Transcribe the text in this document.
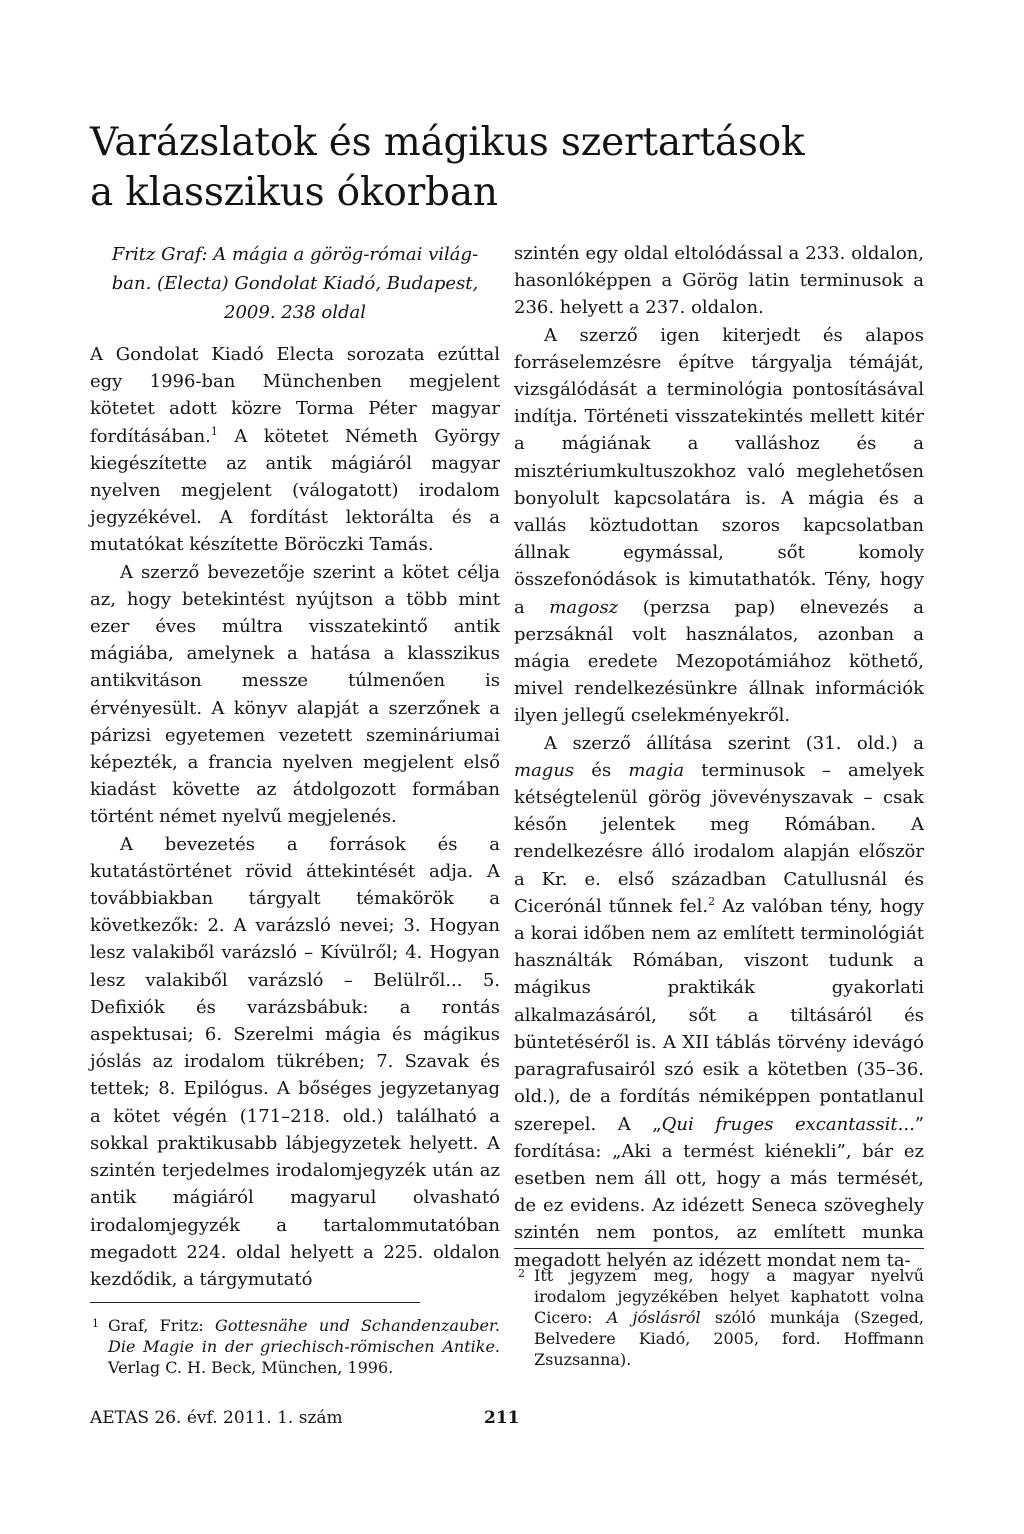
Varázslatok és mágikus szertartások
a klasszikus ókorban
Fritz Graf: A mágia a görög-római világ-
ban. (Electa) Gondolat Kiadó, Budapest,
2009. 238 oldal

A Gondolat Kiadó Electa sorozata ezúttal egy 1996-ban Münchenben megjelent kötetet adott közre Torma Péter magyar fordításában.$^1$ A kötetet Németh György kiegészítette az antik mágiáról magyar nyelven megjelent (válogatott) irodalom jegyzékével. A fordítást lektorálta és a mutatókat készítette Böröczki Tamás.

A szerző bevezetője szerint a kötet célja az, hogy betekintést nyújtson a több mint ezer éves múltra visszatekintő antik mágiába, amelynek a hatása a klasszikus antikvitáson messze túlmenően is érvényesült. A könyv alapját a szerzőnek a párizsi egyetemen vezetett szemináriumai képezték, a francia nyelven megjelent első kiadást követte az átdolgozott formában történt német nyelvű megjelenés.

A bevezetés a források és a kutatástörténet rövid áttekintését adja. A továbbiakban tárgyalt témakörök a következők: 2. A varázsló nevei; 3. Hogyan lesz valakiből varázsló – Kívülről; 4. Hogyan lesz valakiből varázsló – Belülről... 5. Defixiók és varázsbábuk: a rontás aspektusai; 6. Szerelmi mágia és mágikus jóslás az irodalom tükrében; 7. Szavak és tettek; 8. Epilógus. A bőséges jegyzetanyag a kötet végén (171–218. old.) található a sokkal praktikusabb lábjegyzetek helyett. A szintén terjedelmes irodalomjegyzék után az antik mágiáról magyarul olvasható irodalomjegyzék a tartalommutatóban megadott 224. oldal helyett a 225. oldalon kezdődik, a tárgymutató

szintén egy oldal eltolódással a 233. oldalon, hasonlóképpen a Görög latin terminusok a 236. helyett a 237. oldalon.

A szerző igen kiterjedt és alapos forráselemzésre építve tárgyalja témáját, vizsgálódását a terminológia pontosításával indítja. Történeti visszatekintés mellett kitér a mágiának a valláshoz és a misztériumkultuszokhoz való meglehetősen bonyolult kapcsolatára is. A mágia és a vallás köztudottan szoros kapcsolatban állnak egymással, sőt komoly összefonódások is kimutathatók. Tény, hogy a magosz (perzsa pap) elnevezés a perzsáknál volt használatos, azonban a mágia eredete Mezopotámiához köthető, mivel rendelkezésünkre állnak információk ilyen jellegű cselekményekről.

A szerző állítása szerint (31. old.) a magus és magia terminusok – amelyek kétségtelenül görög jövevényszavak – csak későn jelentek meg Rómában. A rendelkezésre álló irodalom alapján először a Kr. e. első században Catullusnál és Cicerónál tűnnek fel.$^2$ Az valóban tény, hogy a korai időben nem az említett terminológiát használták Rómában, viszont tudunk a mágikus praktikák gyakorlati alkalmazásáról, sőt a tiltásáról és büntetéséről is. A XII táblás törvény idevágó paragrafusairól szó esik a kötetben (35–36. old.), de a fordítás némiképpen pontatlanul szerepel. A „Qui fruges excantassit...” fordítása: „Aki a termést kiénekli”, bár ez esetben nem áll ott, hogy a más termését, de ez evidens. Az idézett Seneca szöveghely szintén nem pontos, az említett munka megadott helyén az idézett mondat nem ta-

1 Graf, Fritz: Gottesnähe und Schandenzauber. Die Magie in der griechisch-römischen Antike. Verlag C. H. Beck, München, 1996.
2 Itt jegyzem meg, hogy a magyar nyelvű irodalom jegyzékében helyet kaphatott volna Cicero: A jóslásról szóló munkája (Szeged, Belvedere Kiadó, 2005, ford. Hoffmann Zsuzsanna).
AETAS 26. évf. 2011. 1. szám	211
